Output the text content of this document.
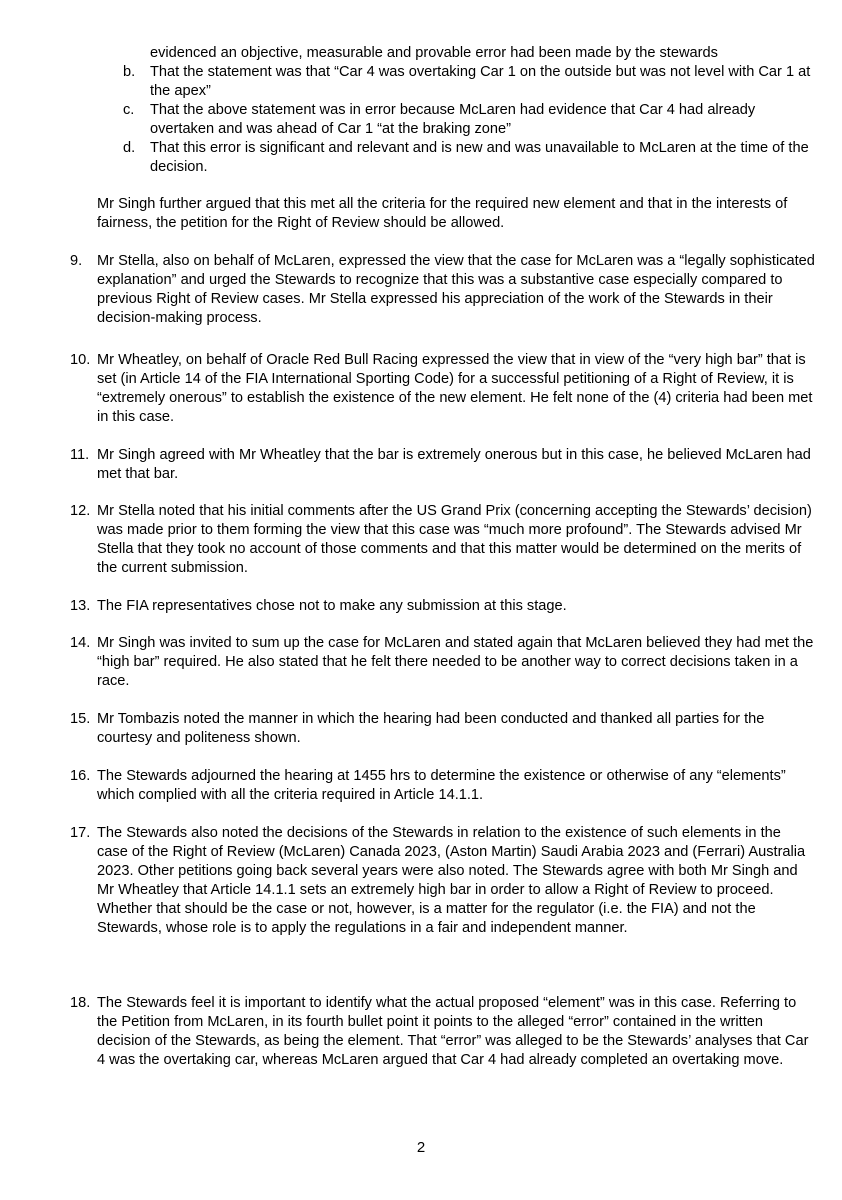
evidenced an objective, measurable and provable error had been made by the stewards

b. That the statement was that “Car 4 was overtaking Car 1 on the outside but was not level with Car 1 at the apex”
c. That the above statement was in error because McLaren had evidence that Car 4 had already overtaken and was ahead of Car 1 “at the braking zone”
d. That this error is significant and relevant and is new and was unavailable to McLaren at the time of the decision.

Mr Singh further argued that this met all the criteria for the required new element and that in the interests of fairness, the petition for the Right of Review should be allowed.

9. Mr Stella, also on behalf of McLaren, expressed the view that the case for McLaren was a “legally sophisticated explanation” and urged the Stewards to recognize that this was a substantive case especially compared to previous Right of Review cases. Mr Stella expressed his appreciation of the work of the Stewards in their decision-making process.
10. Mr Wheatley, on behalf of Oracle Red Bull Racing expressed the view that in view of the “very high bar” that is set (in Article 14 of the FIA International Sporting Code) for a successful petitioning of a Right of Review, it is “extremely onerous” to establish the existence of the new element. He felt none of the (4) criteria had been met in this case.
11. Mr Singh agreed with Mr Wheatley that the bar is extremely onerous but in this case, he believed McLaren had met that bar.
12. Mr Stella noted that his initial comments after the US Grand Prix (concerning accepting the Stewards’ decision) was made prior to them forming the view that this case was “much more profound”. The Stewards advised Mr Stella that they took no account of those comments and that this matter would be determined on the merits of the current submission.
13. The FIA representatives chose not to make any submission at this stage.
14. Mr Singh was invited to sum up the case for McLaren and stated again that McLaren believed they had met the “high bar” required. He also stated that he felt there needed to be another way to correct decisions taken in a race.
15. Mr Tombazis noted the manner in which the hearing had been conducted and thanked all parties for the courtesy and politeness shown.
16. The Stewards adjourned the hearing at 1455 hrs to determine the existence or otherwise of any “elements” which complied with all the criteria required in Article 14.1.1.
17. The Stewards also noted the decisions of the Stewards in relation to the existence of such elements in the case of the Right of Review (McLaren) Canada 2023, (Aston Martin) Saudi Arabia 2023 and (Ferrari) Australia 2023. Other petitions going back several years were also noted. The Stewards agree with both Mr Singh and Mr Wheatley that Article 14.1.1 sets an extremely high bar in order to allow a Right of Review to proceed. Whether that should be the case or not, however, is a matter for the regulator (i.e. the FIA) and not the Stewards, whose role is to apply the regulations in a fair and independent manner.
18. The Stewards feel it is important to identify what the actual proposed “element” was in this case. Referring to the Petition from McLaren, in its fourth bullet point it points to the alleged “error” contained in the written decision of the Stewards, as being the element. That “error” was alleged to be the Stewards’ analyses that Car 4 was the overtaking car, whereas McLaren argued that Car 4 had already completed an overtaking move.
2
